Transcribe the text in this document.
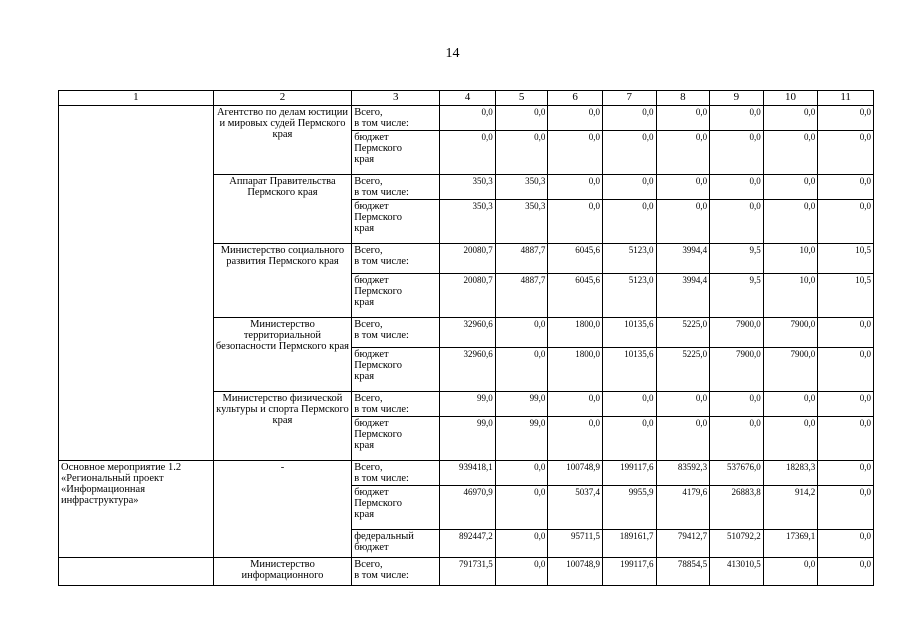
14
1	2	3	4	5	6	7	8	9	10	11
	Агентство по делам юстиции и мировых судей Пермского края	Всего,
в том числе:	0,0	0,0	0,0	0,0	0,0	0,0	0,0	0,0
		бюджет
Пермского
края	0,0	0,0	0,0	0,0	0,0	0,0	0,0	0,0
	Аппарат Правительства Пермского края	Всего,
в том числе:	350,3	350,3	0,0	0,0	0,0	0,0	0,0	0,0
		бюджет
Пермского
края	350,3	350,3	0,0	0,0	0,0	0,0	0,0	0,0
	Министерство социального развития Пермского края	Всего,
в том числе:	20080,7	4887,7	6045,6	5123,0	3994,4	9,5	10,0	10,5
		бюджет
Пермского
края	20080,7	4887,7	6045,6	5123,0	3994,4	9,5	10,0	10,5
	Министерство территориальной безопасности Пермского края	Всего,
в том числе:	32960,6	0,0	1800,0	10135,6	5225,0	7900,0	7900,0	0,0
		бюджет
Пермского
края	32960,6	0,0	1800,0	10135,6	5225,0	7900,0	7900,0	0,0
	Министерство физической культуры и спорта Пермского края	Всего,
в том числе:	99,0	99,0	0,0	0,0	0,0	0,0	0,0	0,0
		бюджет
Пермского
края	99,0	99,0	0,0	0,0	0,0	0,0	0,0	0,0
Основное мероприятие 1.2 «Региональный проект «Информационная инфраструктура»	-	Всего,
в том числе:	939418,1	0,0	100748,9	199117,6	83592,3	537676,0	18283,3	0,0
		бюджет
Пермского
края	46970,9	0,0	5037,4	9955,9	4179,6	26883,8	914,2	0,0
		федеральный
бюджет	892447,2	0,0	95711,5	189161,7	79412,7	510792,2	17369,1	0,0
	Министерство информационного	Всего,
в том числе:	791731,5	0,0	100748,9	199117,6	78854,5	413010,5	0,0	0,0
